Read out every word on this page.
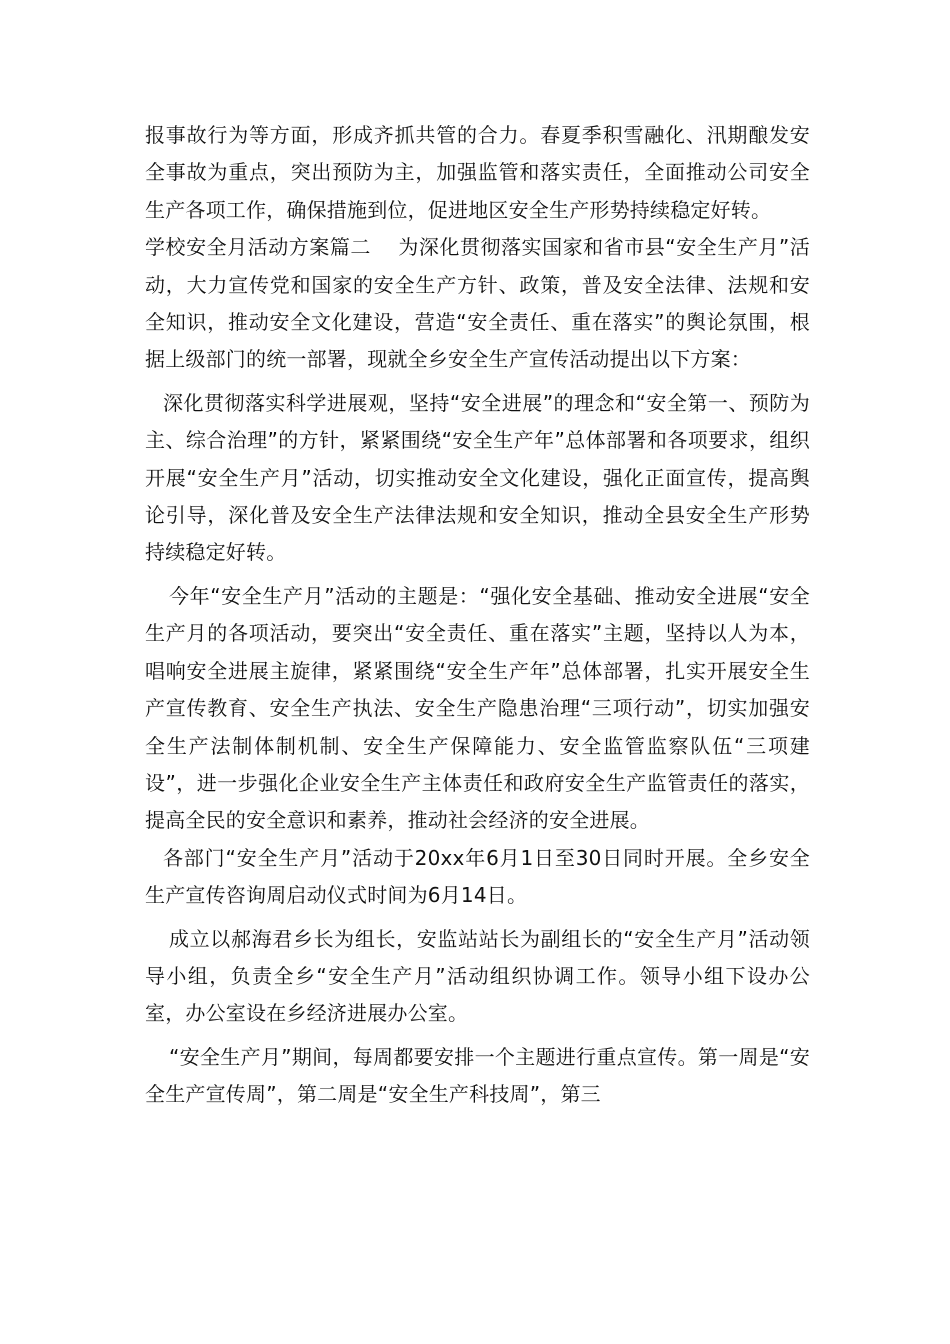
报事故行为等方面，形成齐抓共管的合力。春夏季积雪融化、汛期酿发安全事故为重点，突出预防为主，加强监管和落实责任，全面推动公司安全生产各项工作，确保措施到位，促进地区安全生产形势持续稳定好转。

学校安全月活动方案篇二　 为深化贯彻落实国家和省市县“安全生产月”活动，大力宣传党和国家的安全生产方针、政策，普及安全法律、法规和安全知识，推动安全文化建设，营造“安全责任、重在落实”的舆论氛围，根据上级部门的统一部署，现就全乡安全生产宣传活动提出以下方案：

深化贯彻落实科学进展观，坚持“安全进展”的理念和“安全第一、预防为主、综合治理”的方针，紧紧围绕“安全生产年”总体部署和各项要求，组织开展“安全生产月”活动，切实推动安全文化建设，强化正面宣传，提高舆论引导，深化普及安全生产法律法规和安全知识，推动全县安全生产形势持续稳定好转。

今年“安全生产月”活动的主题是：“强化安全基础、推动安全进展“安全生产月的各项活动，要突出“安全责任、重在落实”主题，坚持以人为本，唱响安全进展主旋律，紧紧围绕“安全生产年”总体部署，扎实开展安全生产宣传教育、安全生产执法、安全生产隐患治理“三项行动”，切实加强安全生产法制体制机制、安全生产保障能力、安全监管监察队伍“三项建设”，进一步强化企业安全生产主体责任和政府安全生产监管责任的落实，提高全民的安全意识和素养，推动社会经济的安全进展。

各部门“安全生产月”活动于20xx年6月1日至30日同时开展。全乡安全生产宣传咨询周启动仪式时间为6月14日。

成立以郝海君乡长为组长，安监站站长为副组长的“安全生产月”活动领导小组，负责全乡“安全生产月”活动组织协调工作。领导小组下设办公室，办公室设在乡经济进展办公室。

“安全生产月”期间，每周都要安排一个主题进行重点宣传。第一周是“安全生产宣传周”，第二周是“安全生产科技周”，第三
